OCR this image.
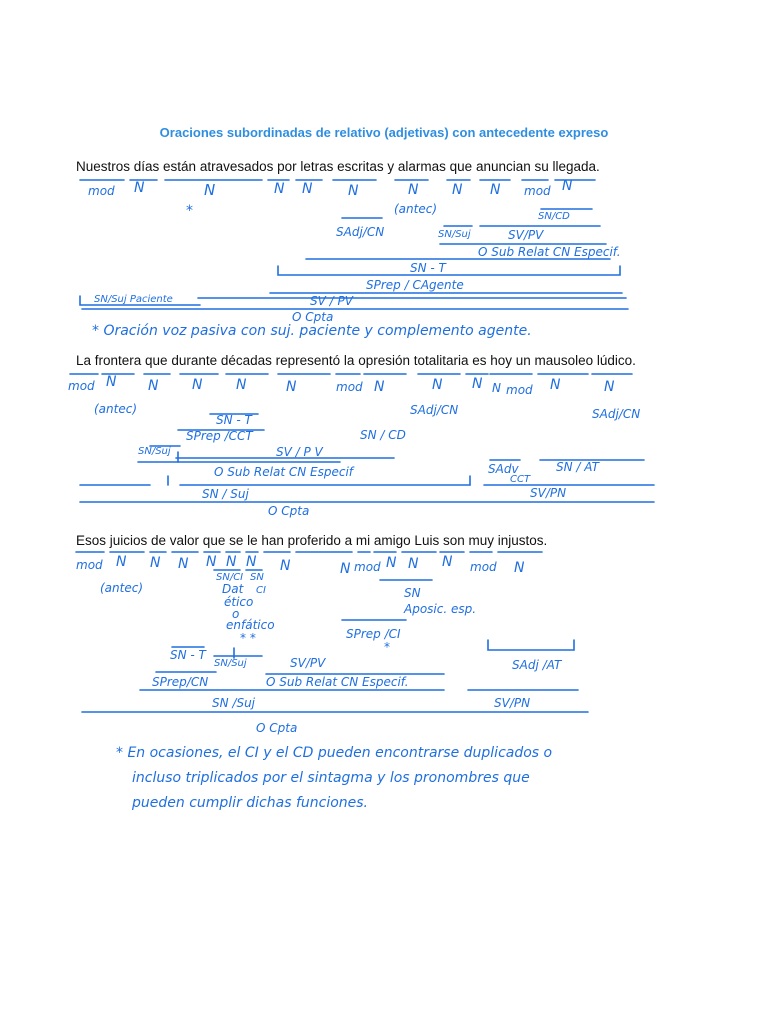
Oraciones subordinadas de relativo (adjetivas) con antecedente expreso
Nuestros días están atravesados por letras escritas y alarmas que anuncian su llegada.
La frontera que durante décadas representó la opresión totalitaria es hoy un mausoleo lúdico.
Esos juicios de valor que se le han proferido a mi amigo Luis son muy injustos.
mod N	N	N N	N	N N N mod N
*	(antec)
SN/CD
SAdj/CN	SN/Suj	SV/PV
O Sub Relat CN Especif.
SN - T
SPrep / CAgente
SN/Suj Paciente	SV / PV
O Cpta
* Oración voz pasiva con suj. paciente y complemento agente.
mod N N N N	N	mod N	N N N mod N	N
(antec)	SAdj/CN	SAdj/CN
SN - T
SPrep /CCT	SN / CD
SN/Suj	SV / P V
SAdv
CCT
SN / AT
O Sub Relat CN Especif
SN / Suj	SV/PN
O Cpta
mod N N N N N N N	N mod N N N mod N
SN/CI SN
(antec)	Dat CI
ético
o
enfático
* *
SN
Aposic. esp.
SPrep /CI
*
SN - T
SN/Suj	SV/PV	SAdj /AT
SPrep/CN	O Sub Relat CN Especif.
SN /Suj	SV/PN
O Cpta
* En ocasiones, el CI y el CD pueden encontrarse duplicados o
incluso triplicados por el sintagma y los pronombres que
pueden cumplir dichas funciones.
